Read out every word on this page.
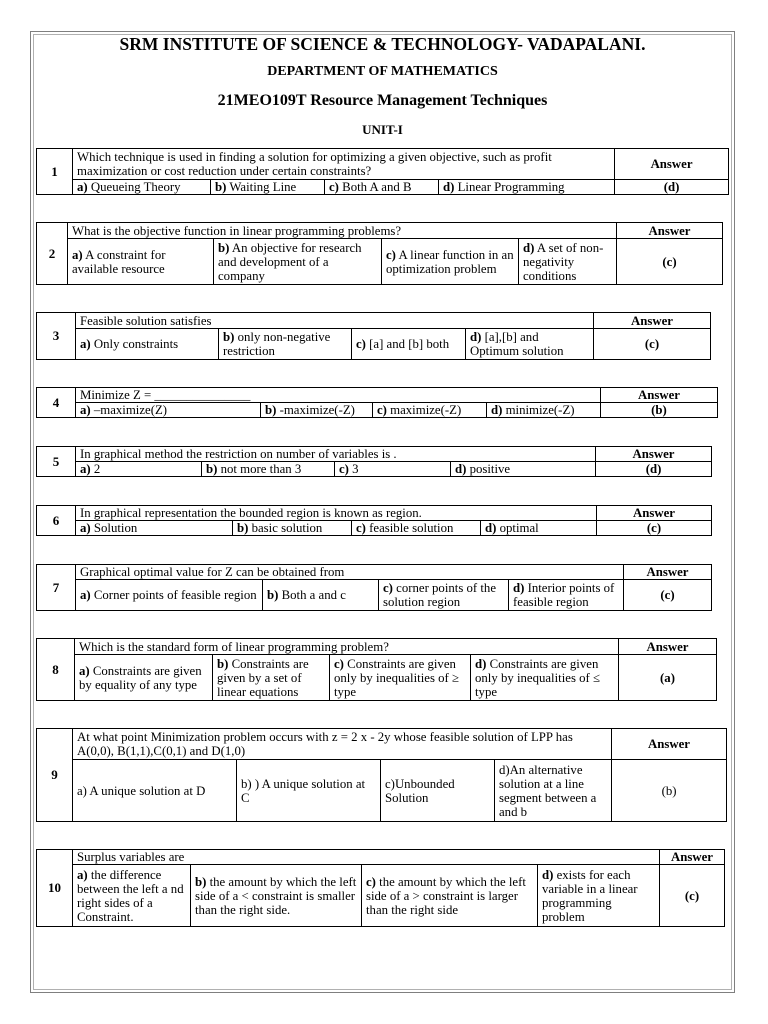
SRM INSTITUTE OF SCIENCE & TECHNOLOGY- VADAPALANI.
DEPARTMENT OF MATHEMATICS
21MEO109T Resource Management Techniques
UNIT-I
1	Which technique is used in finding a solution for optimizing a given objective, such as profit maximization or cost reduction under certain constraints?				Answer
	a) Queueing Theory	b) Waiting Line	c) Both A and B	d) Linear Programming	(d)
2	What is the objective function in linear programming problems?				Answer
	a) A constraint for available resource	b) An objective for research and development of a company	c) A linear function in an optimization problem	d) A set of non-negativity conditions	(c)
3	Feasible solution satisfies				Answer
	a) Only constraints	b) only non-negative restriction	c) [a] and [b] both	d) [a],[b] and Optimum solution	(c)
4	Minimize Z = _______________				Answer
	a) –maximize(Z)	b) -maximize(-Z)	c) maximize(-Z)	d) minimize(-Z)	(b)
5	In graphical method the restriction on number of variables is .				Answer
	a) 2	b) not more than 3	c) 3	d) positive	(d)
6	In graphical representation the bounded region is known as region.				Answer
	a) Solution	b) basic solution	c) feasible solution	d) optimal	(c)
7	Graphical optimal value for Z can be obtained from				Answer
	a) Corner points of feasible region	b) Both a and c	c) corner points of the solution region	d) Interior points of feasible region	(c)
8	Which is the standard form of linear programming problem?				Answer
	a) Constraints are given by equality of any type	b) Constraints are given by a set of linear equations	c) Constraints are given only by inequalities of ≥ type	d) Constraints are given only by inequalities of ≤ type	(a)
9	At what point Minimization problem occurs with z = 2 x - 2y whose feasible solution of LPP has A(0,0), B(1,1),C(0,1) and D(1,0)				Answer
	a) A unique solution at D	b) ) A unique solution at C	c)Unbounded Solution	d)An alternative solution at a line segment between a and b	(b)
10	Surplus variables are				Answer
	a) the difference between the left a nd right sides of a Constraint.	b) the amount by which the left side of a < constraint is smaller than the right side.	c) the amount by which the left side of a > constraint is larger than the right side	d) exists for each variable in a linear programming problem	(c)
